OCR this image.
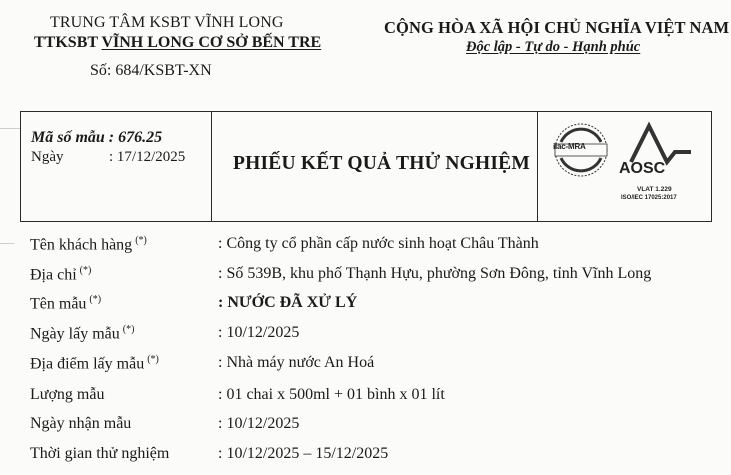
TRUNG TÂM KSBT VĨNH LONG
TTKSBT VĨNH LONG CƠ SỞ BẾN TRE
Số: 684/KSBT-XN
CỘNG HÒA XÃ HỘI CHỦ NGHĨA VIỆT NAM
Độc lập - Tự do - Hạnh phúc
Mã số mẫu : 676.25
Ngày	: 17/12/2025 PHIẾU KẾT QUẢ THỬ NGHIỆM
ilac-MRA
AOSC
VLAT 1.229
ISO/IEC 17025:2017
Tên khách hàng (*)	: Công ty cổ phần cấp nước sinh hoạt Châu Thành
Địa chỉ (*)	: Số 539B, khu phố Thạnh Hựu, phường Sơn Đông, tỉnh Vĩnh Long
Tên mẫu (*)	: NƯỚC ĐÃ XỬ LÝ
Ngày lấy mẫu (*)	: 10/12/2025
Địa điểm lấy mẫu (*)	: Nhà máy nước An Hoá
Lượng mẫu	: 01 chai x 500ml + 01 bình x 01 lít
Ngày nhận mẫu	: 10/12/2025
Thời gian thử nghiệm	: 10/12/2025 – 15/12/2025
